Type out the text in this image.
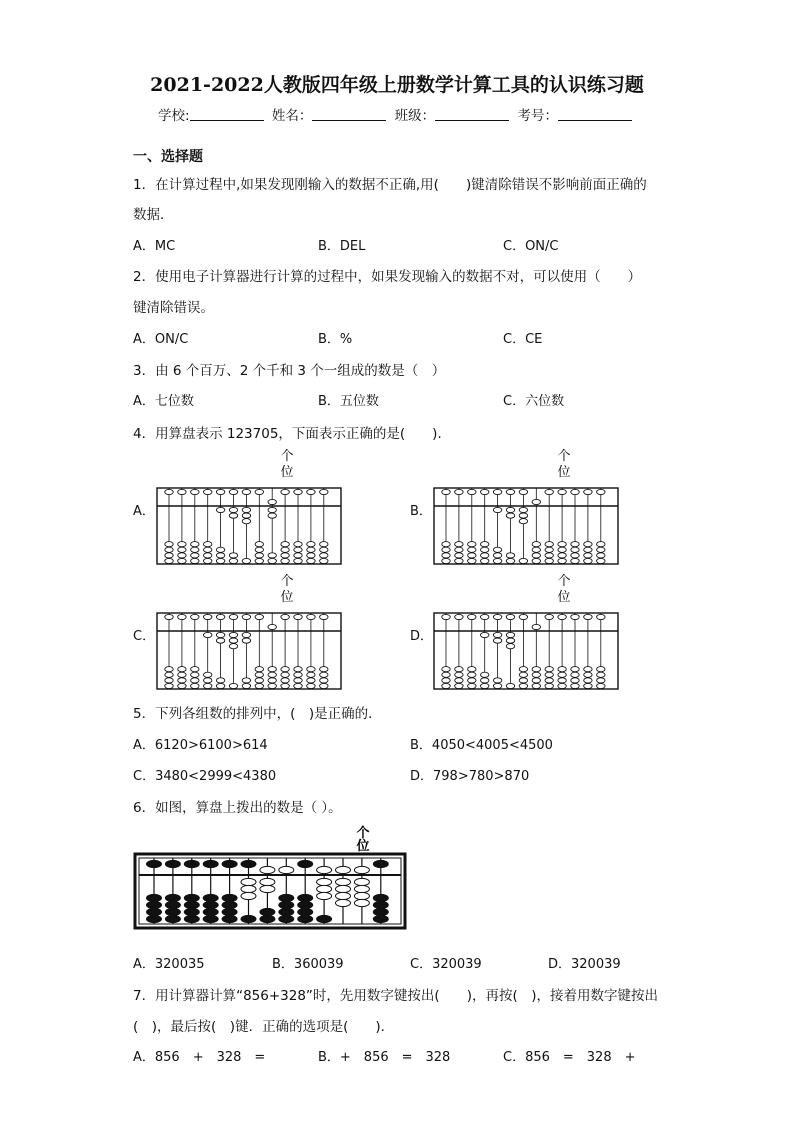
2021-2022人教版四年级上册数学计算工具的认识练习题
学校:	姓名：	班级：	考号：
一、选择题
1．在计算过程中,如果发现刚输入的数据不正确,用(　　)键清除错误不影响前面正确的
数据．
A．MC	B．DEL	C．ON/C
2．使用电子计算器进行计算的过程中，如果发现输入的数据不对，可以使用（　　）
键清除错误。
A．ON/C	B．%	C．CE
3．由 6 个百万、2 个千和 3 个一组成的数是（　）
A．七位数	B．五位数	C．六位数
4．用算盘表示 123705，下面表示正确的是(　　)．
A．	B．
C．	D．
个
位
个
位
个
位
个
位
5．下列各组数的排列中，(　)是正确的．
A．6120>6100>614	B．4050<4005<4500
C．3480<2999<4380	D．798>780>870
6．如图，算盘上拨出的数是（ ）。
个
位
A．320035	B．360039	C．320039	D．320039
7．用计算器计算“856+328”时，先用数字键按出(　　)，再按(　)，接着用数字键按出
(　)，最后按(　)键．正确的选项是(　　)．
A．856　+　328　=	B．+　856　=　328	C．856　=　328　+
